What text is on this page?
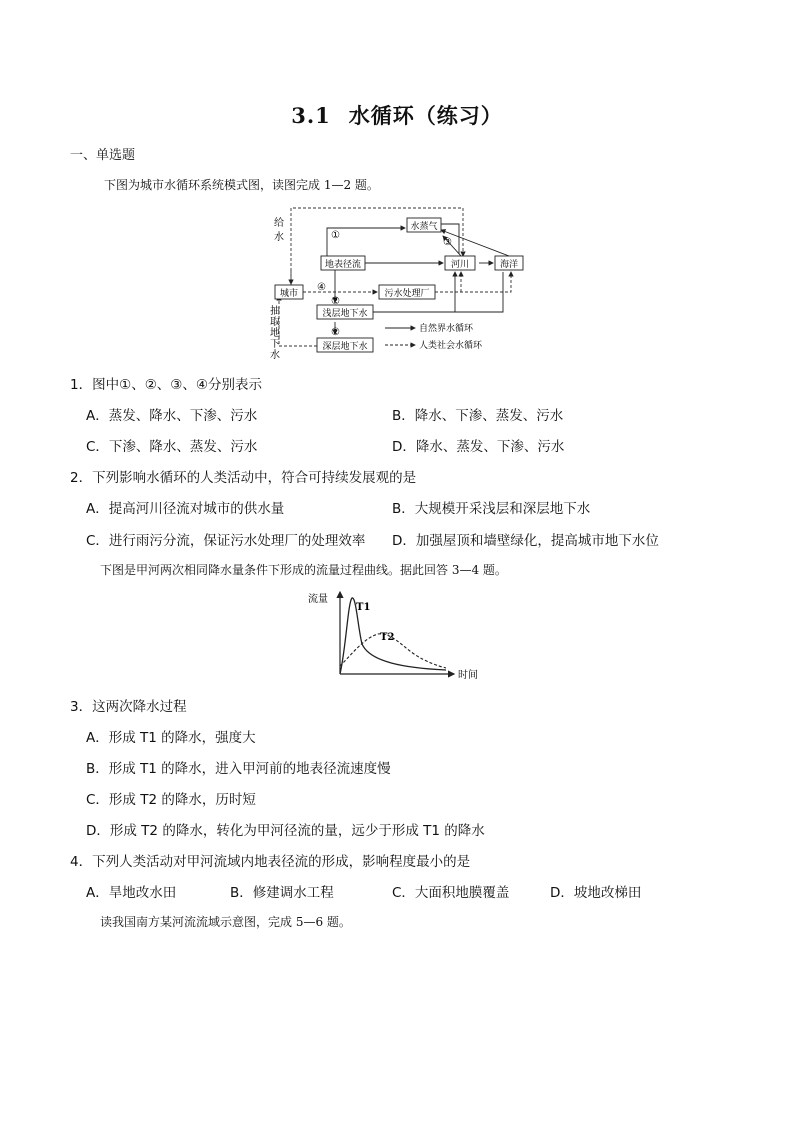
3.1 水循环（练习）
一、单选题
下图为城市水循环系统模式图，读图完成 1—2 题。
水蒸气
地表径流	河川	海洋
城市	污水处理厂
浅层地下水
深层地下水
①
③
④
②
②
给
水
抽
取
地
下
水
自然界水循环
人类社会水循环
1．图中①、②、③、④分别表示
A．蒸发、降水、下渗、污水	B．降水、下渗、蒸发、污水
C．下渗、降水、蒸发、污水	D．降水、蒸发、下渗、污水
2．下列影响水循环的人类活动中，符合可持续发展观的是
A．提高河川径流对城市的供水量	B．大规模开采浅层和深层地下水
C．进行雨污分流，保证污水处理厂的处理效率 D．加强屋顶和墙壁绿化，提高城市地下水位
下图是甲河两次相同降水量条件下形成的流量过程曲线。据此回答 3—4 题。
流量
时间
T1
T2
3．这两次降水过程
A．形成 T1 的降水，强度大
B．形成 T1 的降水，进入甲河前的地表径流速度慢
C．形成 T2 的降水，历时短
D．形成 T2 的降水，转化为甲河径流的量，远少于形成 T1 的降水
4．下列人类活动对甲河流域内地表径流的形成，影响程度最小的是
A．旱地改水田	B．修建调水工程	C．大面积地膜覆盖	D．坡地改梯田
读我国南方某河流流域示意图，完成 5—6 题。
